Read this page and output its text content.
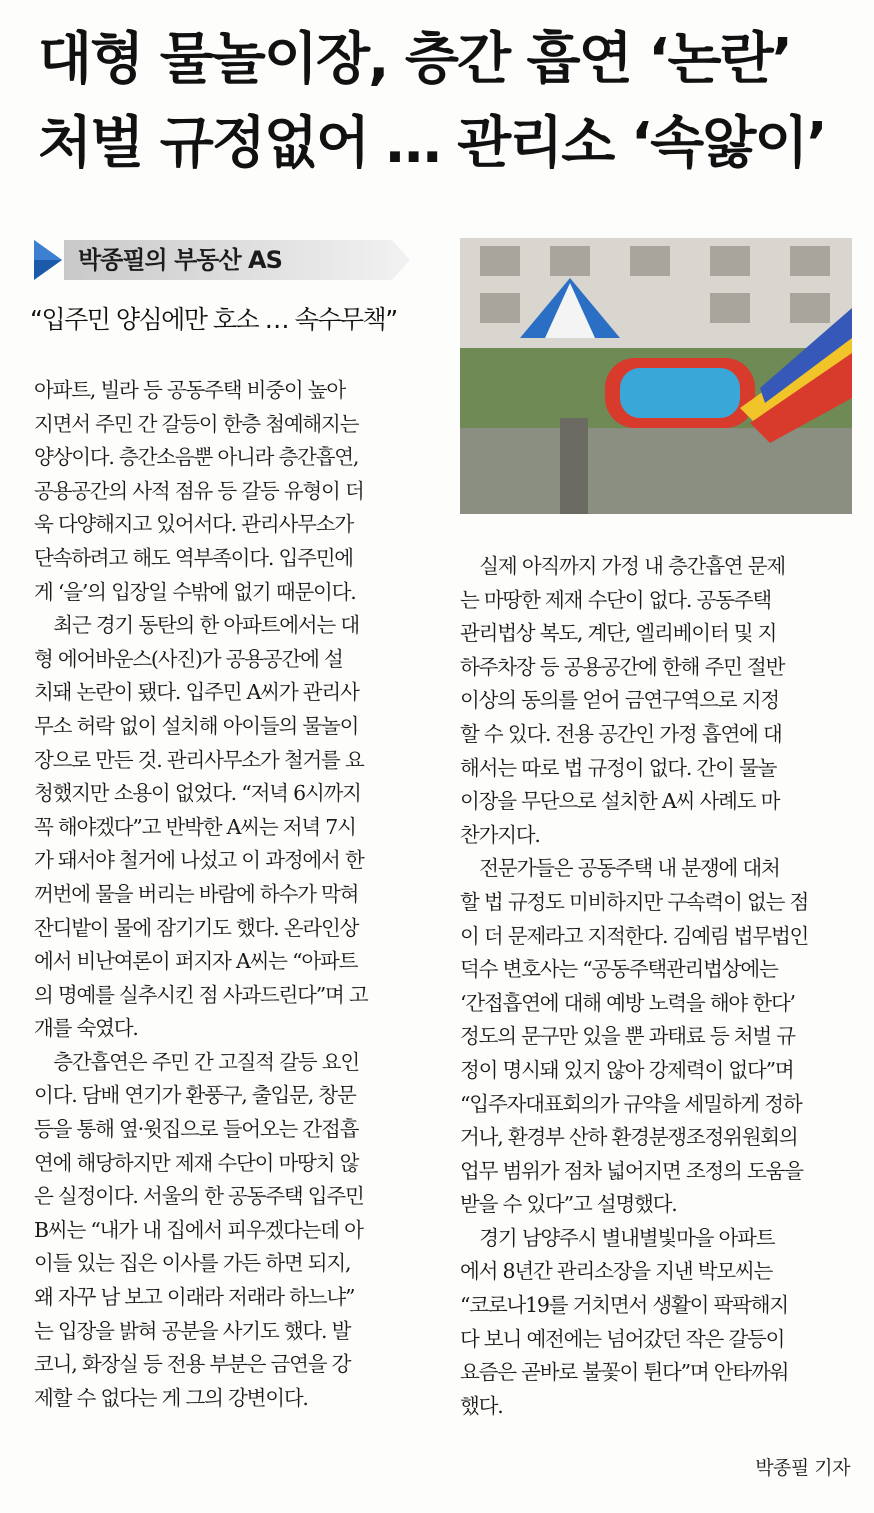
대형 물놀이장, 층간 흡연 ‘논란’
처벌 규정없어 … 관리소 ‘속앓이’
박종필의 부동산 AS
“입주민 양심에만 호소 … 속수무책”

아파트, 빌라 등 공동주택 비중이 높아

지면서 주민 간 갈등이 한층 첨예해지는

양상이다. 층간소음뿐 아니라 층간흡연,

공용공간의 사적 점유 등 갈등 유형이 더

욱 다양해지고 있어서다. 관리사무소가

단속하려고 해도 역부족이다. 입주민에

게 ‘을’의 입장일 수밖에 없기 때문이다.

　최근 경기 동탄의 한 아파트에서는 대

형 에어바운스(사진)가 공용공간에 설

치돼 논란이 됐다. 입주민 A씨가 관리사

무소 허락 없이 설치해 아이들의 물놀이

장으로 만든 것. 관리사무소가 철거를 요

청했지만 소용이 없었다. “저녁 6시까지

꼭 해야겠다”고 반박한 A씨는 저녁 7시

가 돼서야 철거에 나섰고 이 과정에서 한

꺼번에 물을 버리는 바람에 하수가 막혀

잔디밭이 물에 잠기기도 했다. 온라인상

에서 비난여론이 퍼지자 A씨는 “아파트

의 명예를 실추시킨 점 사과드린다”며 고

개를 숙였다.

　층간흡연은 주민 간 고질적 갈등 요인

이다. 담배 연기가 환풍구, 출입문, 창문

등을 통해 옆·윗집으로 들어오는 간접흡

연에 해당하지만 제재 수단이 마땅치 않

은 실정이다. 서울의 한 공동주택 입주민

B씨는 “내가 내 집에서 피우겠다는데 아

이들 있는 집은 이사를 가든 하면 되지,

왜 자꾸 남 보고 이래라 저래라 하느냐”

는 입장을 밝혀 공분을 사기도 했다. 발

코니, 화장실 등 전용 부분은 금연을 강

제할 수 없다는 게 그의 강변이다.

　실제 아직까지 가정 내 층간흡연 문제

는 마땅한 제재 수단이 없다. 공동주택

관리법상 복도, 계단, 엘리베이터 및 지

하주차장 등 공용공간에 한해 주민 절반

이상의 동의를 얻어 금연구역으로 지정

할 수 있다. 전용 공간인 가정 흡연에 대

해서는 따로 법 규정이 없다. 간이 물놀

이장을 무단으로 설치한 A씨 사례도 마

찬가지다.

　전문가들은 공동주택 내 분쟁에 대처

할 법 규정도 미비하지만 구속력이 없는 점

이 더 문제라고 지적한다. 김예림 법무법인

덕수 변호사는 “공동주택관리법상에는

‘간접흡연에 대해 예방 노력을 해야 한다’

정도의 문구만 있을 뿐 과태료 등 처벌 규

정이 명시돼 있지 않아 강제력이 없다”며

“입주자대표회의가 규약을 세밀하게 정하

거나, 환경부 산하 환경분쟁조정위원회의

업무 범위가 점차 넓어지면 조정의 도움을

받을 수 있다”고 설명했다.

　경기 남양주시 별내별빛마을 아파트

에서 8년간 관리소장을 지낸 박모씨는

“코로나19를 거치면서 생활이 팍팍해지

다 보니 예전에는 넘어갔던 작은 갈등이

요즘은 곧바로 불꽃이 튄다”며 안타까워

했다.

박종필 기자
